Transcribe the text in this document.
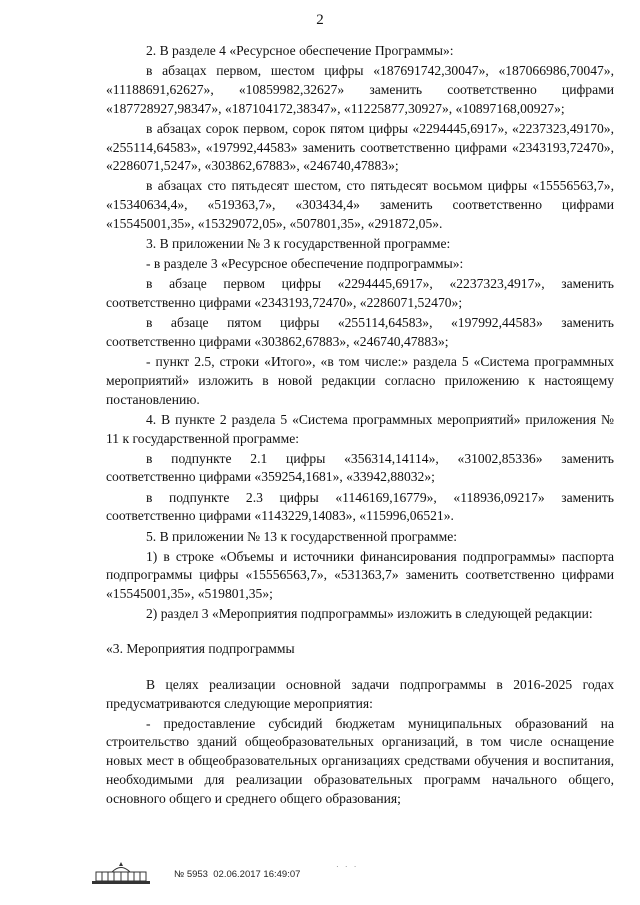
2

2. В разделе 4 «Ресурсное обеспечение Программы»:

в абзацах первом, шестом цифры «187691742,30047», «187066986,70047», «11188691,62627», «10859982,32627» заменить соответственно цифрами «187728927,98347», «187104172,38347», «11225877,30927», «10897168,00927»;

в абзацах сорок первом, сорок пятом цифры «2294445,6917», «2237323,49170», «255114,64583», «197992,44583» заменить соответственно цифрами «2343193,72470», «2286071,5247», «303862,67883», «246740,47883»;

в абзацах сто пятьдесят шестом, сто пятьдесят восьмом цифры «15556563,7», «15340634,4», «519363,7», «303434,4» заменить соответственно цифрами «15545001,35», «15329072,05», «507801,35», «291872,05».

3. В приложении № 3 к государственной программе:

- в разделе 3 «Ресурсное обеспечение подпрограммы»:

в абзаце первом цифры «2294445,6917», «2237323,4917», заменить соответственно цифрами «2343193,72470», «2286071,52470»;

в абзаце пятом цифры «255114,64583», «197992,44583» заменить соответственно цифрами «303862,67883», «246740,47883»;

- пункт 2.5, строки «Итого», «в том числе:» раздела 5 «Система программных мероприятий» изложить в новой редакции согласно приложению к настоящему постановлению.

4. В пункте 2 раздела 5 «Система программных мероприятий» приложения № 11 к государственной программе:

в подпункте 2.1 цифры «356314,14114», «31002,85336» заменить соответственно цифрами «359254,1681», «33942,88032»;

в подпункте 2.3 цифры «1146169,16779», «118936,09217» заменить соответственно цифрами «1143229,14083», «115996,06521».

5. В приложении № 13 к государственной программе:

1) в строке «Объемы и источники финансирования подпрограммы» паспорта подпрограммы цифры «15556563,7», «531363,7» заменить соответственно цифрами «15545001,35», «519801,35»;

2) раздел 3 «Мероприятия подпрограммы» изложить в следующей редакции:

«3. Мероприятия подпрограммы

В целях реализации основной задачи подпрограммы в 2016-2025 годах предусматриваются следующие мероприятия:

- предоставление субсидий бюджетам муниципальных образований на строительство зданий общеобразовательных организаций, в том числе оснащение новых мест в общеобразовательных организациях средствами обучения и воспитания, необходимыми для реализации образовательных программ начального общего, основного общего и среднего общего образования;

№ 5953 02.06.2017 16:49:07
· · ·
